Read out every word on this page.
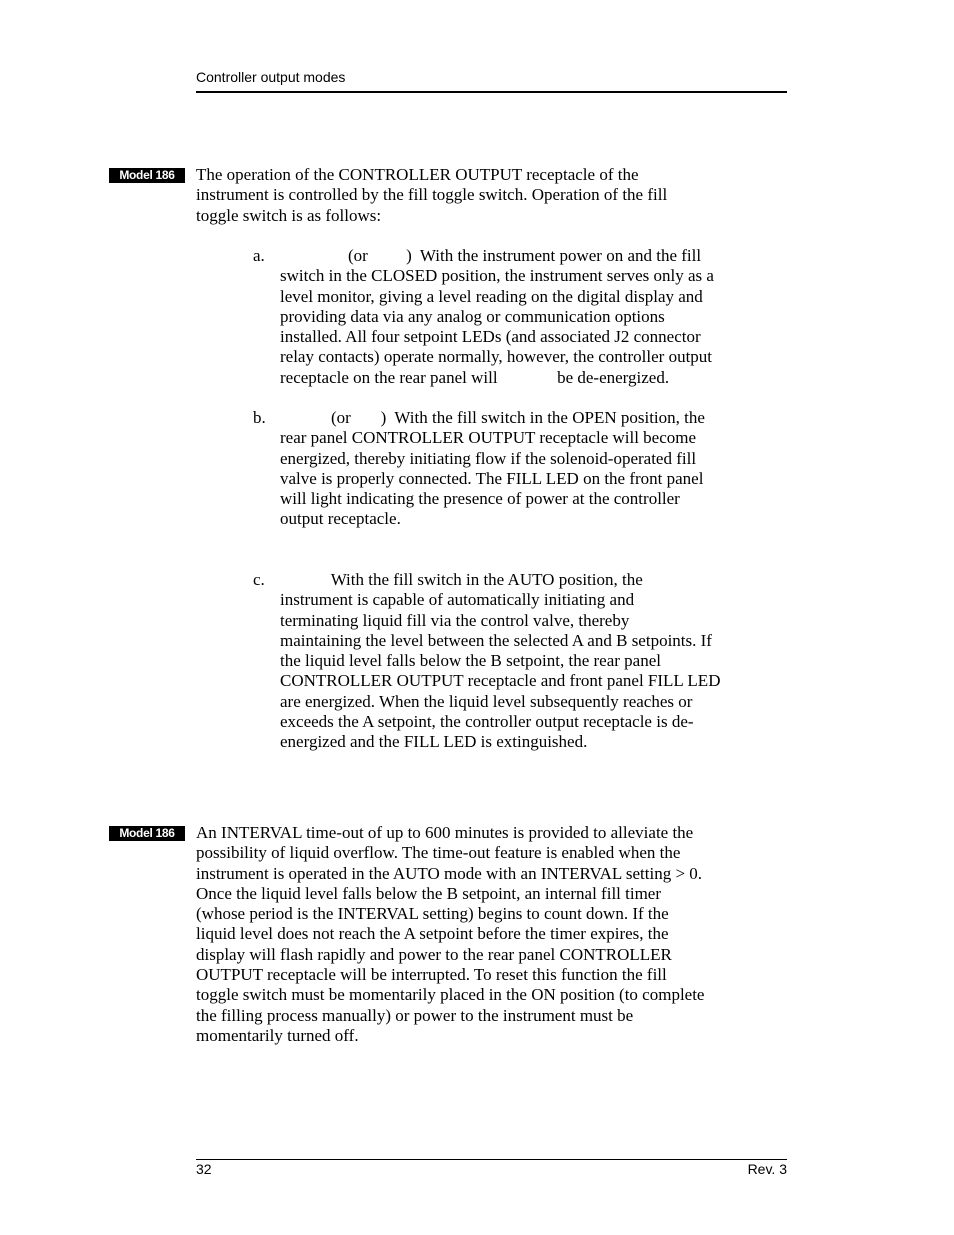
Controller output modes
Model 186	The operation of the CONTROLLER OUTPUT receptacle of the
instrument is controlled by the fill toggle switch. Operation of the fill
toggle switch is as follows:
a.	(or         )  With the instrument power on and the fill
switch in the CLOSED position, the instrument serves only as a
level monitor, giving a level reading on the digital display and
providing data via any analog or communication options
installed. All four setpoint LEDs (and associated J2 connector
relay contacts) operate normally, however, the controller output
receptacle on the rear panel will              be de-energized.
b.	(or       )  With the fill switch in the OPEN position, the
rear panel CONTROLLER OUTPUT receptacle will become
energized, thereby initiating flow if the solenoid-operated fill
valve is properly connected. The FILL LED on the front panel
will light indicating the presence of power at the controller
output receptacle.
c.	With the fill switch in the AUTO position, the
instrument is capable of automatically initiating and
terminating liquid fill via the control valve, thereby
maintaining the level between the selected A and B setpoints. If
the liquid level falls below the B setpoint, the rear panel
CONTROLLER OUTPUT receptacle and front panel FILL LED
are energized. When the liquid level subsequently reaches or
exceeds the A setpoint, the controller output receptacle is de-
energized and the FILL LED is extinguished.
Model 186	An INTERVAL time-out of up to 600 minutes is provided to alleviate the
possibility of liquid overflow. The time-out feature is enabled when the
instrument is operated in the AUTO mode with an INTERVAL setting > 0.
Once the liquid level falls below the B setpoint, an internal fill timer
(whose period is the INTERVAL setting) begins to count down. If the
liquid level does not reach the A setpoint before the timer expires, the
display will flash rapidly and power to the rear panel CONTROLLER
OUTPUT receptacle will be interrupted. To reset this function the fill
toggle switch must be momentarily placed in the ON position (to complete
the filling process manually) or power to the instrument must be
momentarily turned off.
32	Rev. 3
